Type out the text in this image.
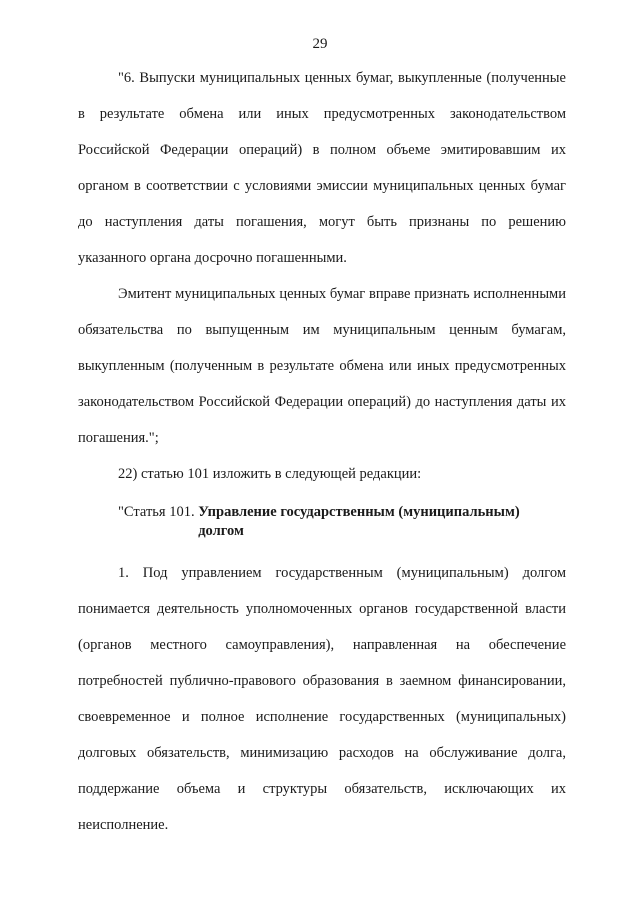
29

"6. Выпуски муниципальных ценных бумаг, выкупленные (полученные в результате обмена или иных предусмотренных законодательством Российской Федерации операций) в полном объеме эмитировавшим их органом в соответствии с условиями эмиссии муниципальных ценных бумаг до наступления даты погашения, могут быть признаны по решению указанного органа досрочно погашенными.

Эмитент муниципальных ценных бумаг вправе признать исполненными обязательства по выпущенным им муниципальным ценным бумагам, выкупленным (полученным в результате обмена или иных предусмотренных законодательством Российской Федерации операций) до наступления даты их погашения.";

22) статью 101 изложить в следующей редакции:

"Статья 101. Управление государственным (муниципальным) долгом

1. Под управлением государственным (муниципальным) долгом понимается деятельность уполномоченных органов государственной власти (органов местного самоуправления), направленная на обеспечение потребностей публично-правового образования в заемном финансировании, своевременное и полное исполнение государственных (муниципальных) долговых обязательств, минимизацию расходов на обслуживание долга, поддержание объема и структуры обязательств, исключающих их неисполнение.
